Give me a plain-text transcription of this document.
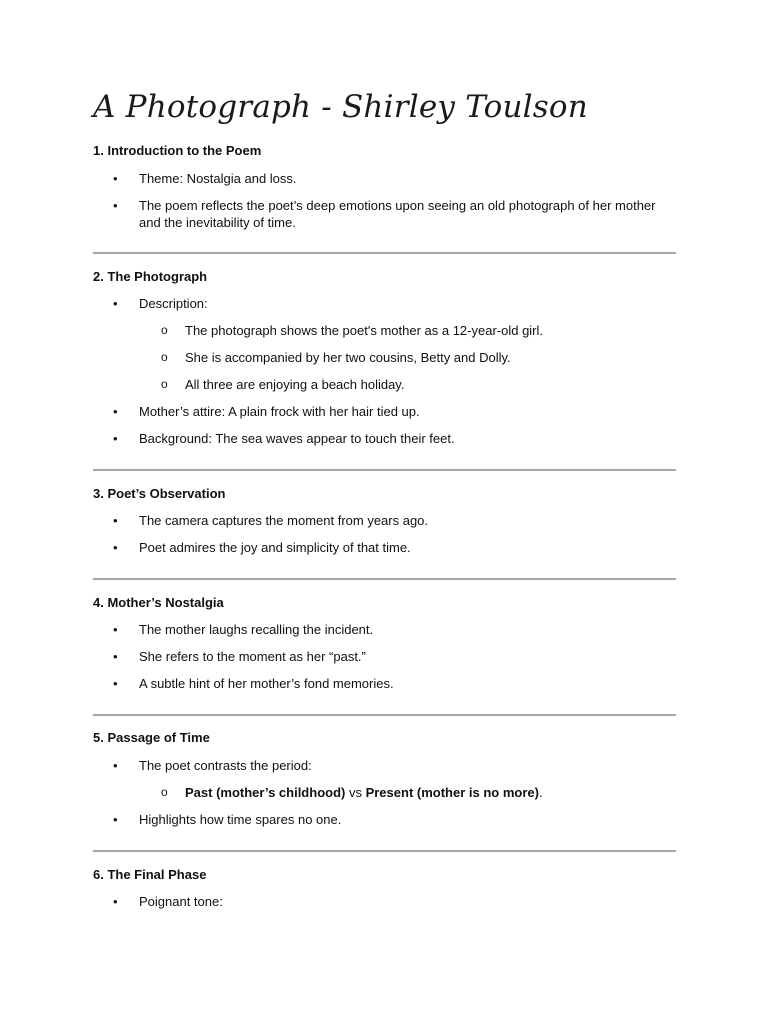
A Photograph - Shirley Toulson
1. Introduction to the Poem
• Theme: Nostalgia and loss.
• The poem reflects the poet’s deep emotions upon seeing an old photograph of her mother and the inevitability of time.
2. The Photograph
• Description:
o The photograph shows the poet's mother as a 12-year-old girl.
o She is accompanied by her two cousins, Betty and Dolly.
o All three are enjoying a beach holiday.
• Mother’s attire: A plain frock with her hair tied up.
• Background: The sea waves appear to touch their feet.
3. Poet’s Observation
• The camera captures the moment from years ago.
• Poet admires the joy and simplicity of that time.
4. Mother’s Nostalgia
• The mother laughs recalling the incident.
• She refers to the moment as her “past.”
• A subtle hint of her mother’s fond memories.
5. Passage of Time
• The poet contrasts the period:
o Past (mother’s childhood) vs Present (mother is no more).
• Highlights how time spares no one.
6. The Final Phase
• Poignant tone:
